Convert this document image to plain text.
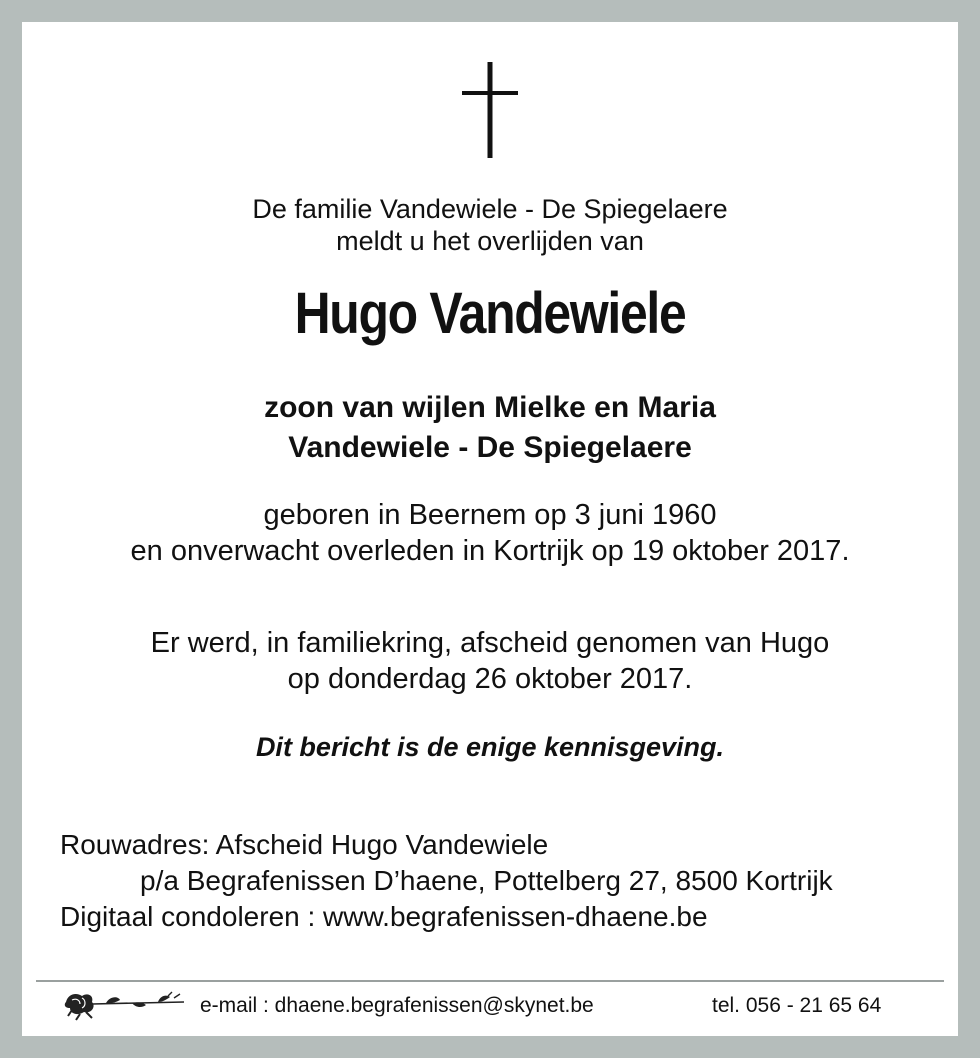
De familie Vandewiele - De Spiegelaere
meldt u het overlijden van
Hugo Vandewiele
zoon van wijlen Mielke en Maria
Vandewiele - De Spiegelaere
geboren in Beernem op 3 juni 1960
en onverwacht overleden in Kortrijk op 19 oktober 2017.
Er werd, in familiekring, afscheid genomen van Hugo
op donderdag 26 oktober 2017.
Dit bericht is de enige kennisgeving.
Rouwadres: Afscheid Hugo Vandewiele
p/a Begrafenissen D’haene, Pottelberg 27, 8500 Kortrijk
Digitaal condoleren : www.begrafenissen-dhaene.be
e-mail : dhaene.begrafenissen@skynet.be	tel. 056 - 21 65 64
